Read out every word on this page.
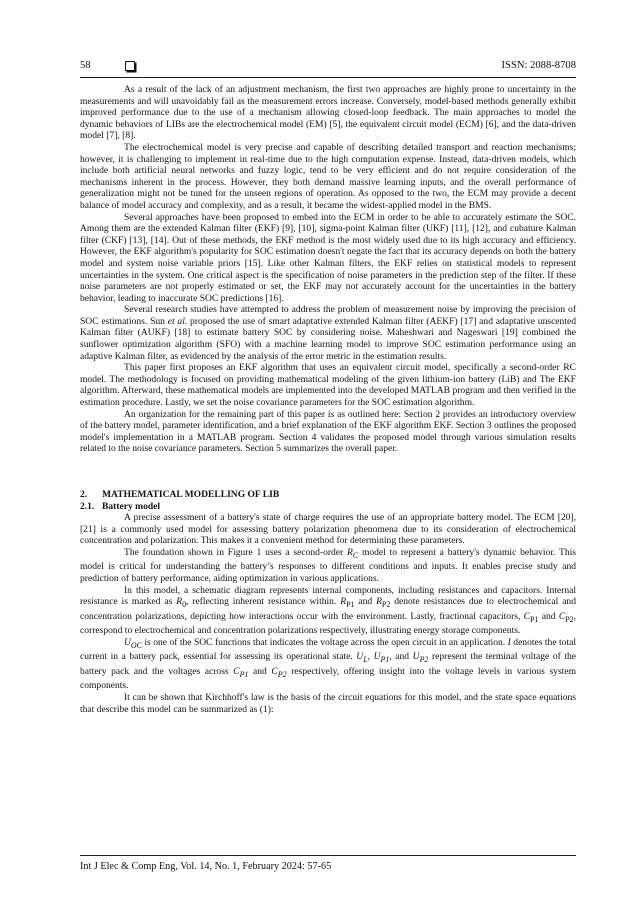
58	ISSN: 2088-8708

As a result of the lack of an adjustment mechanism, the first two approaches are highly prone to uncertainty in the measurements and will unavoidably fail as the measurement errors increase. Conversely, model-based methods generally exhibit improved performance due to the use of a mechanism allowing closed-loop feedback. The main approaches to model the dynamic behaviors of LIBs are the electrochemical model (EM) [5], the equivalent circuit model (ECM) [6], and the data-driven model [7], [8].

The electrochemical model is very precise and capable of describing detailed transport and reaction mechanisms; however, it is challenging to implement in real-time due to the high computation expense. Instead, data-driven models, which include both artificial neural networks and fuzzy logic, tend to be very efficient and do not require consideration of the mechanisms inherent in the process. However, they both demand massive learning inputs, and the overall performance of generalization might not be tuned for the unseen regions of operation. As opposed to the two, the ECM may provide a decent balance of model accuracy and complexity, and as a result, it became the widest-applied model in the BMS.

Several approaches have been proposed to embed into the ECM in order to be able to accurately estimate the SOC. Among them are the extended Kalman filter (EKF) [9], [10], sigma-point Kalman filter (UKF) [11], [12], and cubature Kalman filter (CKF) [13], [14]. Out of these methods, the EKF method is the most widely used due to its high accuracy and efficiency. However, the EKF algorithm's popularity for SOC estimation doesn't negate the fact that its accuracy depends on both the battery model and system noise variable priors [15]. Like other Kalman filters, the EKF relies on statistical models to represent uncertainties in the system. One critical aspect is the specification of noise parameters in the prediction step of the filter. If these noise parameters are not properly estimated or set, the EKF may not accurately account for the uncertainties in the battery behavior, leading to inaccurate SOC predictions [16].

Several research studies have attempted to address the problem of measurement noise by improving the precision of SOC estimations. Sun et al. proposed the use of smart adaptative extended Kalman filter (AEKF) [17] and adaptative unscented Kalman filter (AUKF) [18] to estimate battery SOC by considering noise. Maheshwari and Nageswari [19] combined the sunflower optimization algorithm (SFO) with a machine learning model to improve SOC estimation performance using an adaptive Kalman filter, as evidenced by the analysis of the error metric in the estimation results.

This paper first proposes an EKF algorithm that uses an equivalent circuit model, specifically a second-order RC model. The methodology is focused on providing mathematical modeling of the given lithium-ion battery (LiB) and The EKF algorithm. Afterward, these mathematical models are implemented into the developed MATLAB program and then verified in the estimation procedure. Lastly, we set the noise covariance parameters for the SOC estimation algorithm.

An organization for the remaining part of this paper is as outlined here: Section 2 provides an introductory overview of the battery model, parameter identification, and a brief explanation of the EKF algorithm EKF. Section 3 outlines the proposed model's implementation in a MATLAB program. Section 4 validates the proposed model through various simulation results related to the noise covariance parameters. Section 5 summarizes the overall paper.

2. MATHEMATICAL MODELLING OF LIB
2.1. Battery model

A precise assessment of a battery's state of charge requires the use of an appropriate battery model. The ECM [20], [21] is a commonly used model for assessing battery polarization phenomena due to its consideration of electrochemical concentration and polarization. This makes it a convenient method for determining these parameters.

The foundation shown in Figure 1 uses a second-order $R_C$ model to represent a battery's dynamic behavior. This model is critical for understanding the battery’s responses to different conditions and inputs. It enables precise study and prediction of battery performance, aiding optimization in various applications.

In this model, a schematic diagram represents internal components, including resistances and capacitors. Internal resistance is marked as $R_0$, reflecting inherent resistance within. $R_{P1}$ and $R_{P2}$ denote resistances due to electrochemical and concentration polarizations, depicting how interactions occur with the environment. Lastly, fractional capacitors, $C_{P1}$ and $C_{P2}$, correspond to electrochemical and concentration polarizations respectively, illustrating energy storage components.

$U_{OC}$ is one of the SOC functions that indicates the voltage across the open circuit in an application. I denotes the total current in a battery pack, essential for assessing its operational state. $U_L$, $U_{P1}$, and $U_{P2}$ represent the terminal voltage of the battery pack and the voltages across $C_{P1}$ and $C_{P2}$ respectively, offering insight into the voltage levels in various system components.

It can be shown that Kirchhoff's law is the basis of the circuit equations for this model, and the state space equations that describe this model can be summarized as (1):

Int J Elec & Comp Eng, Vol. 14, No. 1, February 2024: 57-65
